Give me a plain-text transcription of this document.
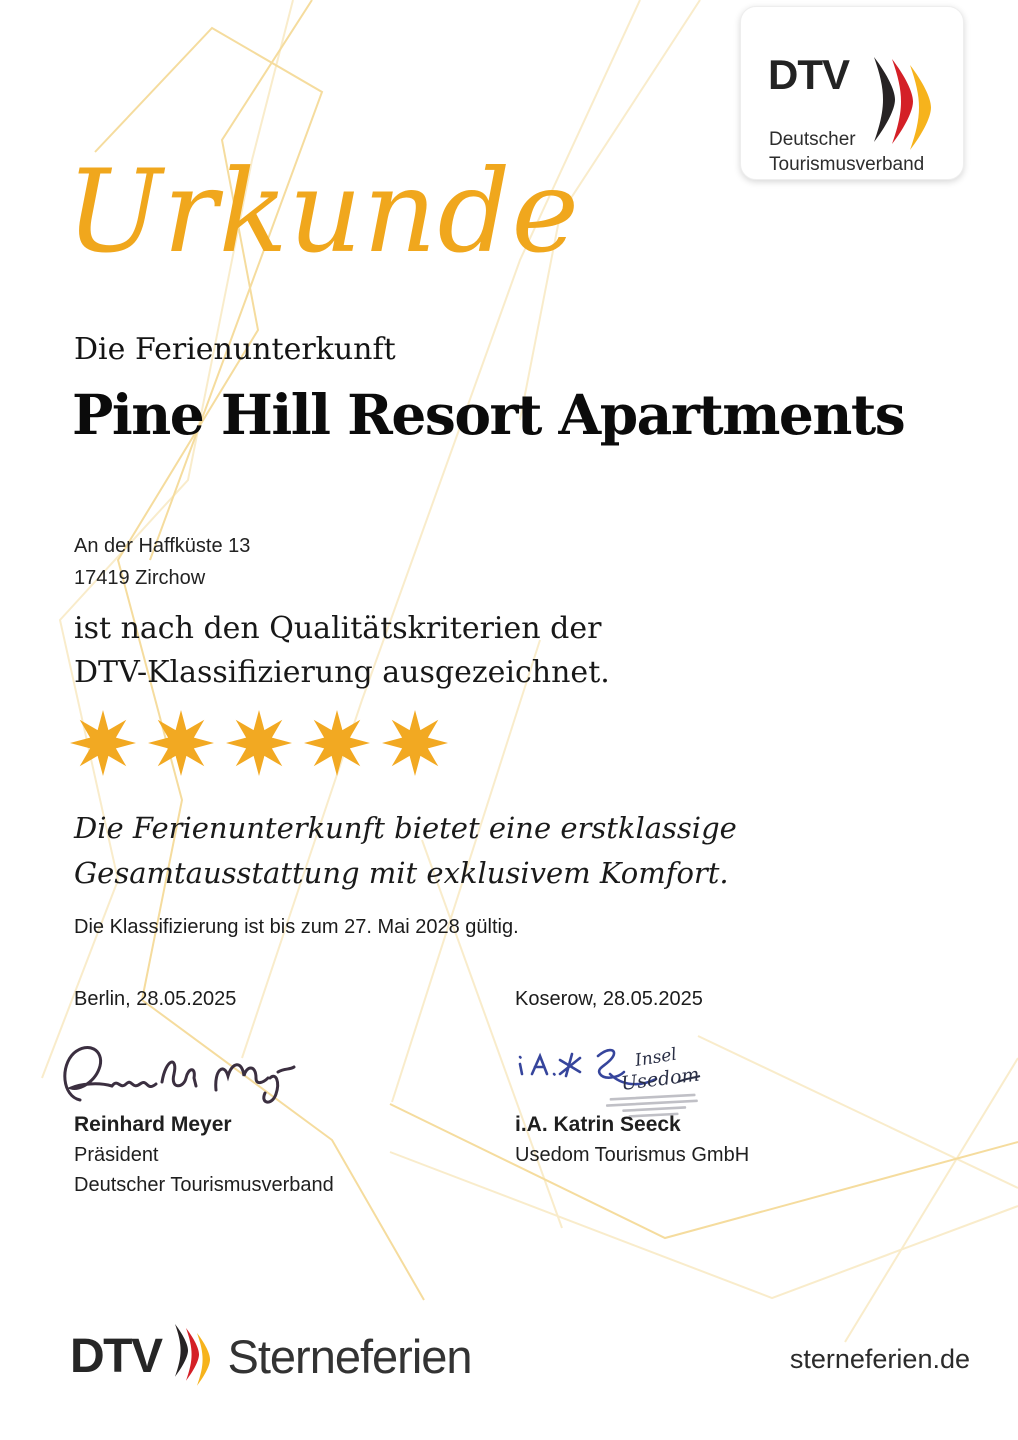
DTV
Deutscher
Tourismusverband
Urkunde
Die Ferienunterkunft
Pine Hill Resort Apartments
An der Haffküste 13
17419 Zirchow
ist nach den Qualitätskriterien der
DTV-Klassifizierung ausgezeichnet.
Die Ferienunterkunft bietet eine erstklassige
Gesamtausstattung mit exklusivem Komfort.
Die Klassifizierung ist bis zum 27. Mai 2028 gültig.
Berlin, 28.05.2025	Koserow, 28.05.2025
Insel
Usedom
Reinhard Meyer
Präsident
Deutscher Tourismusverband
i.A. Katrin Seeck
Usedom Tourismus GmbH
DTV Sterneferien	sterneferien.de
